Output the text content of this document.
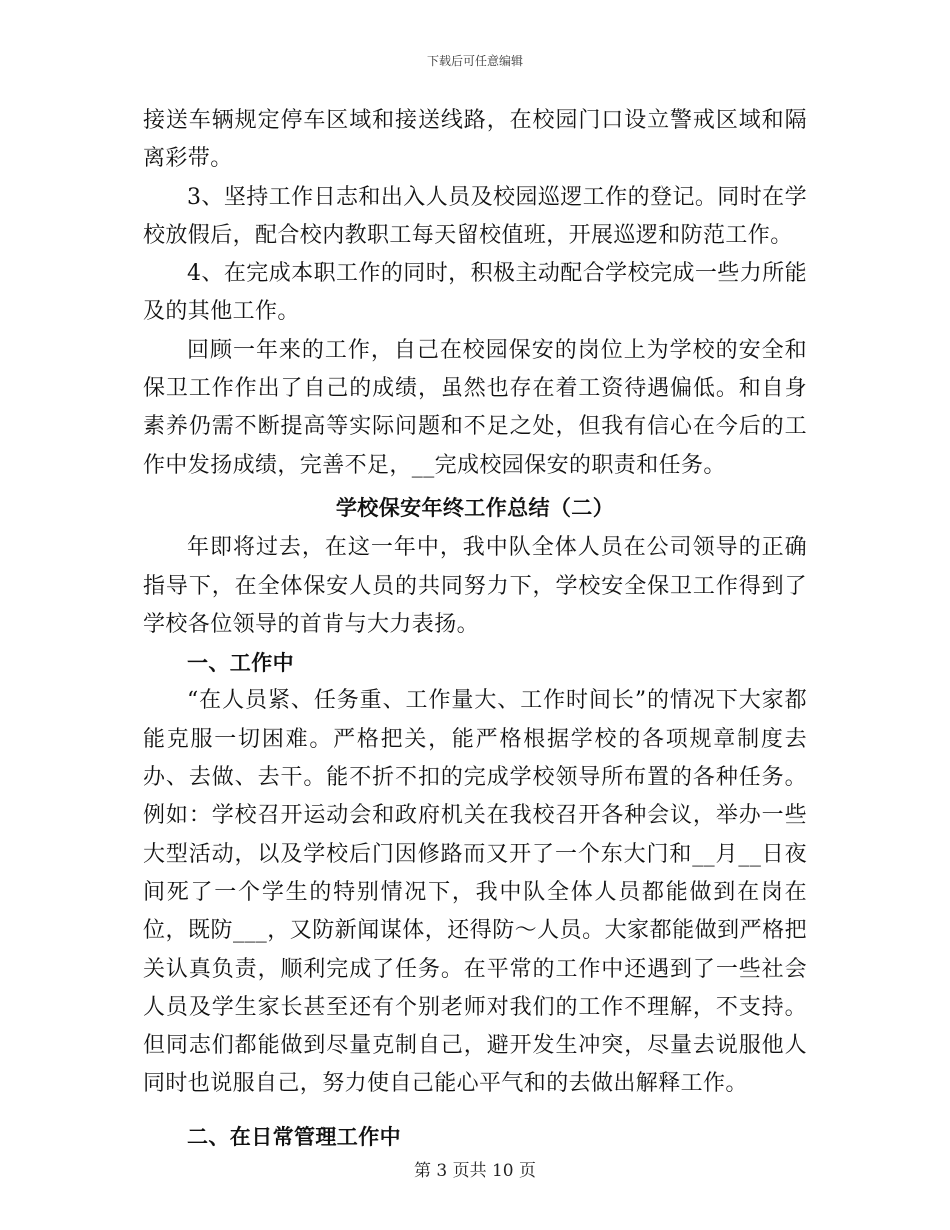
下载后可任意编辑

接送车辆规定停车区域和接送线路，在校园门口设立警戒区域和隔离彩带。

3、坚持工作日志和出入人员及校园巡逻工作的登记。同时在学校放假后，配合校内教职工每天留校值班，开展巡逻和防范工作。

4、在完成本职工作的同时，积极主动配合学校完成一些力所能及的其他工作。

回顾一年来的工作，自己在校园保安的岗位上为学校的安全和保卫工作作出了自己的成绩，虽然也存在着工资待遇偏低。和自身素养仍需不断提高等实际问题和不足之处，但我有信心在今后的工作中发扬成绩，完善不足，__完成校园保安的职责和任务。

学校保安年终工作总结（二）

年即将过去，在这一年中，我中队全体人员在公司领导的正确指导下，在全体保安人员的共同努力下，学校安全保卫工作得到了学校各位领导的首肯与大力表扬。

一、工作中

“在人员紧、任务重、工作量大、工作时间长”的情况下大家都能克服一切困难。严格把关，能严格根据学校的各项规章制度去办、去做、去干。能不折不扣的完成学校领导所布置的各种任务。例如：学校召开运动会和政府机关在我校召开各种会议，举办一些大型活动，以及学校后门因修路而又开了一个东大门和__月__日夜间死了一个学生的特别情况下，我中队全体人员都能做到在岗在位，既防___，又防新闻谋体，还得防～人员。大家都能做到严格把关认真负责，顺利完成了任务。在平常的工作中还遇到了一些社会人员及学生家长甚至还有个别老师对我们的工作不理解，不支持。但同志们都能做到尽量克制自己，避开发生冲突，尽量去说服他人同时也说服自己，努力使自己能心平气和的去做出解释工作。

二、在日常管理工作中

第 3 页共 10 页
